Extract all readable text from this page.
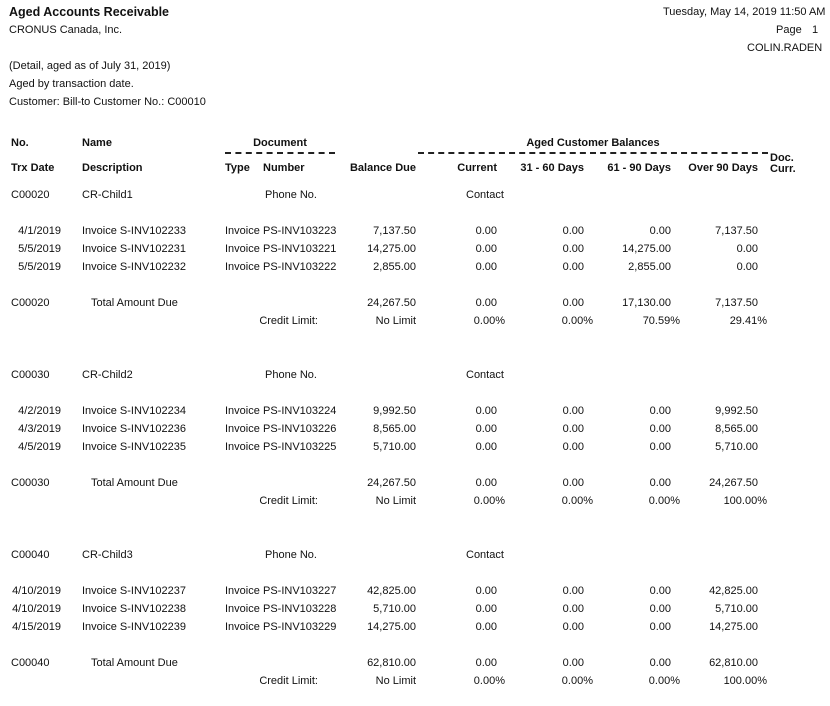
Aged Accounts Receivable
CRONUS Canada, Inc.
Tuesday, May 14, 2019 11:50 AM
Page 1
COLIN.RADEN
(Detail, aged as of July 31, 2019)
Aged by transaction date.
Customer: Bill-to Customer No.: C00010
No.	Name	Document	Aged Customer Balances
Trx Date	Description	Type Number	Balance Due	Current	31 - 60 Days	61 - 90 Days	Over 90 Days
Doc.
Curr.
C00020	CR-Child1	Phone No.	Contact
4/1/2019 Invoice S-INV102233	Invoice PS-INV103223	7,137.50	0.00	0.00	0.00	7,137.50
5/5/2019 Invoice S-INV102231	Invoice PS-INV103221	14,275.00	0.00	0.00	14,275.00	0.00
5/5/2019 Invoice S-INV102232	Invoice PS-INV103222	2,855.00	0.00	0.00	2,855.00	0.00
C00020	Total Amount Due	24,267.50	0.00	0.00	17,130.00	7,137.50
Credit Limit:	No Limit	0.00%	0.00%	70.59%	29.41%
C00030	CR-Child2	Phone No.	Contact
4/2/2019 Invoice S-INV102234	Invoice PS-INV103224	9,992.50	0.00	0.00	0.00	9,992.50
4/3/2019 Invoice S-INV102236	Invoice PS-INV103226	8,565.00	0.00	0.00	0.00	8,565.00
4/5/2019 Invoice S-INV102235	Invoice PS-INV103225	5,710.00	0.00	0.00	0.00	5,710.00
C00030	Total Amount Due	24,267.50	0.00	0.00	0.00	24,267.50
Credit Limit:	No Limit	0.00%	0.00%	0.00%	100.00%
C00040	CR-Child3	Phone No.	Contact
4/10/2019 Invoice S-INV102237	Invoice PS-INV103227	42,825.00	0.00	0.00	0.00	42,825.00
4/10/2019 Invoice S-INV102238	Invoice PS-INV103228	5,710.00	0.00	0.00	0.00	5,710.00
4/15/2019 Invoice S-INV102239	Invoice PS-INV103229	14,275.00	0.00	0.00	0.00	14,275.00
C00040	Total Amount Due	62,810.00	0.00	0.00	0.00	62,810.00
Credit Limit:	No Limit	0.00%	0.00%	0.00%	100.00%
